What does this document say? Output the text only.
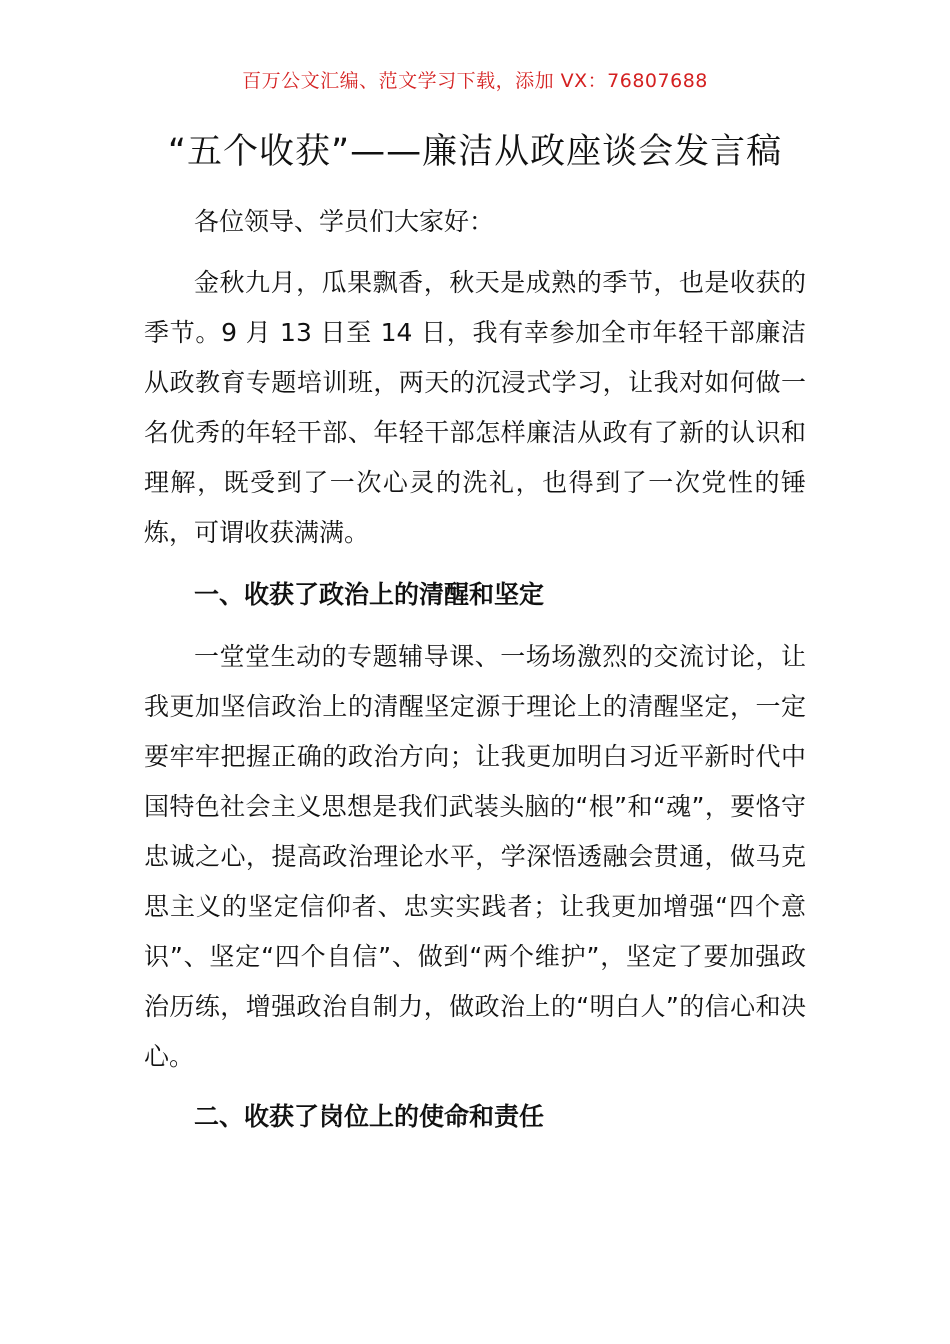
百万公文汇编、范文学习下载，添加 VX：76807688
“五个收获”——廉洁从政座谈会发言稿

各位领导、学员们大家好：

金秋九月，瓜果飘香，秋天是成熟的季节，也是收获的季节。9 月 13 日至 14 日，我有幸参加全市年轻干部廉洁从政教育专题培训班，两天的沉浸式学习，让我对如何做一名优秀的年轻干部、年轻干部怎样廉洁从政有了新的认识和理解，既受到了一次心灵的洗礼，也得到了一次党性的锤炼，可谓收获满满。

一、收获了政治上的清醒和坚定

一堂堂生动的专题辅导课、一场场激烈的交流讨论，让我更加坚信政治上的清醒坚定源于理论上的清醒坚定，一定要牢牢把握正确的政治方向；让我更加明白习近平新时代中国特色社会主义思想是我们武装头脑的“根”和“魂”，要恪守忠诚之心，提高政治理论水平，学深悟透融会贯通，做马克思主义的坚定信仰者、忠实实践者；让我更加增强“四个意识”、坚定“四个自信”、做到“两个维护”，坚定了要加强政治历练，增强政治自制力，做政治上的“明白人”的信心和决心。

二、收获了岗位上的使命和责任
